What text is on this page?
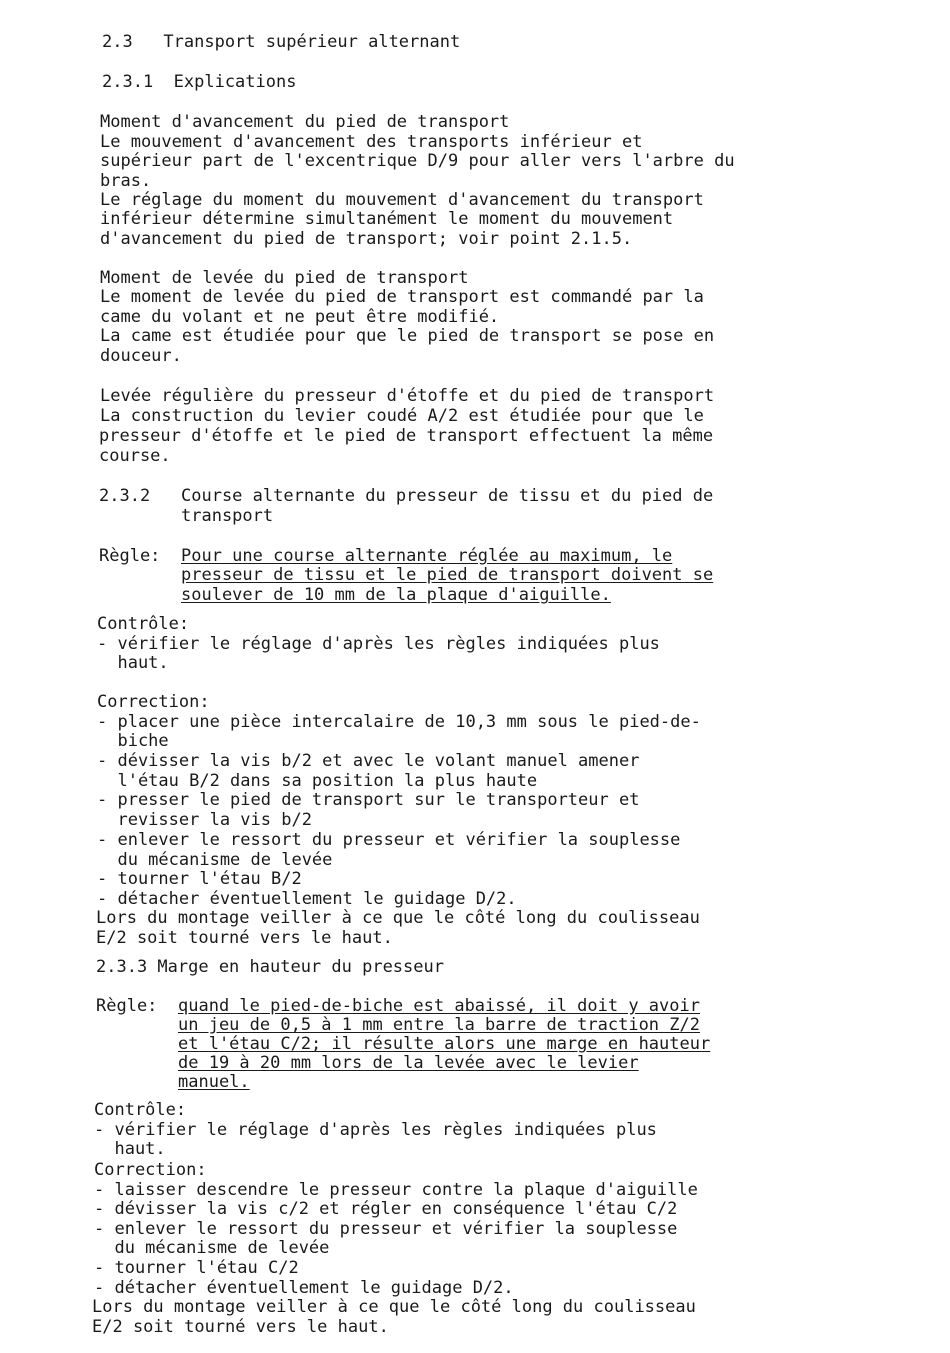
2.3   Transport supérieur alternant
2.3.1  Explications
Moment d'avancement du pied de transport
Le mouvement d'avancement des transports inférieur et
supérieur part de l'excentrique D/9 pour aller vers l'arbre du
bras.
Le réglage du moment du mouvement d'avancement du transport
inférieur détermine simultanément le moment du mouvement
d'avancement du pied de transport; voir point 2.1.5.
Moment de levée du pied de transport
Le moment de levée du pied de transport est commandé par la
came du volant et ne peut être modifié.
La came est étudiée pour que le pied de transport se pose en
douceur.
Levée régulière du presseur d'étoffe et du pied de transport
La construction du levier coudé A/2 est étudiée pour que le
presseur d'étoffe et le pied de transport effectuent la même
course.
2.3.2 Course alternante du presseur de tissu et du pied de
transport
Règle: Pour une course alternante réglée au maximum, le
presseur de tissu et le pied de transport doivent se
soulever de 10 mm de la plaque d'aiguille.
Contrôle:
- vérifier le réglage d'après les règles indiquées plus
haut.
Correction:
- placer une pièce intercalaire de 10,3 mm sous le pied-de-
biche
- dévisser la vis b/2 et avec le volant manuel amener
l'étau B/2 dans sa position la plus haute
- presser le pied de transport sur le transporteur et
revisser la vis b/2
- enlever le ressort du presseur et vérifier la souplesse
du mécanisme de levée
- tourner l'étau B/2
- détacher éventuellement le guidage D/2.
Lors du montage veiller à ce que le côté long du coulisseau
E/2 soit tourné vers le haut.
2.3.3 Marge en hauteur du presseur
Règle: quand le pied-de-biche est abaissé, il doit y avoir
un jeu de 0,5 à 1 mm entre la barre de traction Z/2
et l'étau C/2; il résulte alors une marge en hauteur
de 19 à 20 mm lors de la levée avec le levier
manuel.
Contrôle:
- vérifier le réglage d'après les règles indiquées plus
haut.
Correction:
- laisser descendre le presseur contre la plaque d'aiguille
- dévisser la vis c/2 et régler en conséquence l'étau C/2
- enlever le ressort du presseur et vérifier la souplesse
du mécanisme de levée
- tourner l'étau C/2
- détacher éventuellement le guidage D/2.
Lors du montage veiller à ce que le côté long du coulisseau
E/2 soit tourné vers le haut.
